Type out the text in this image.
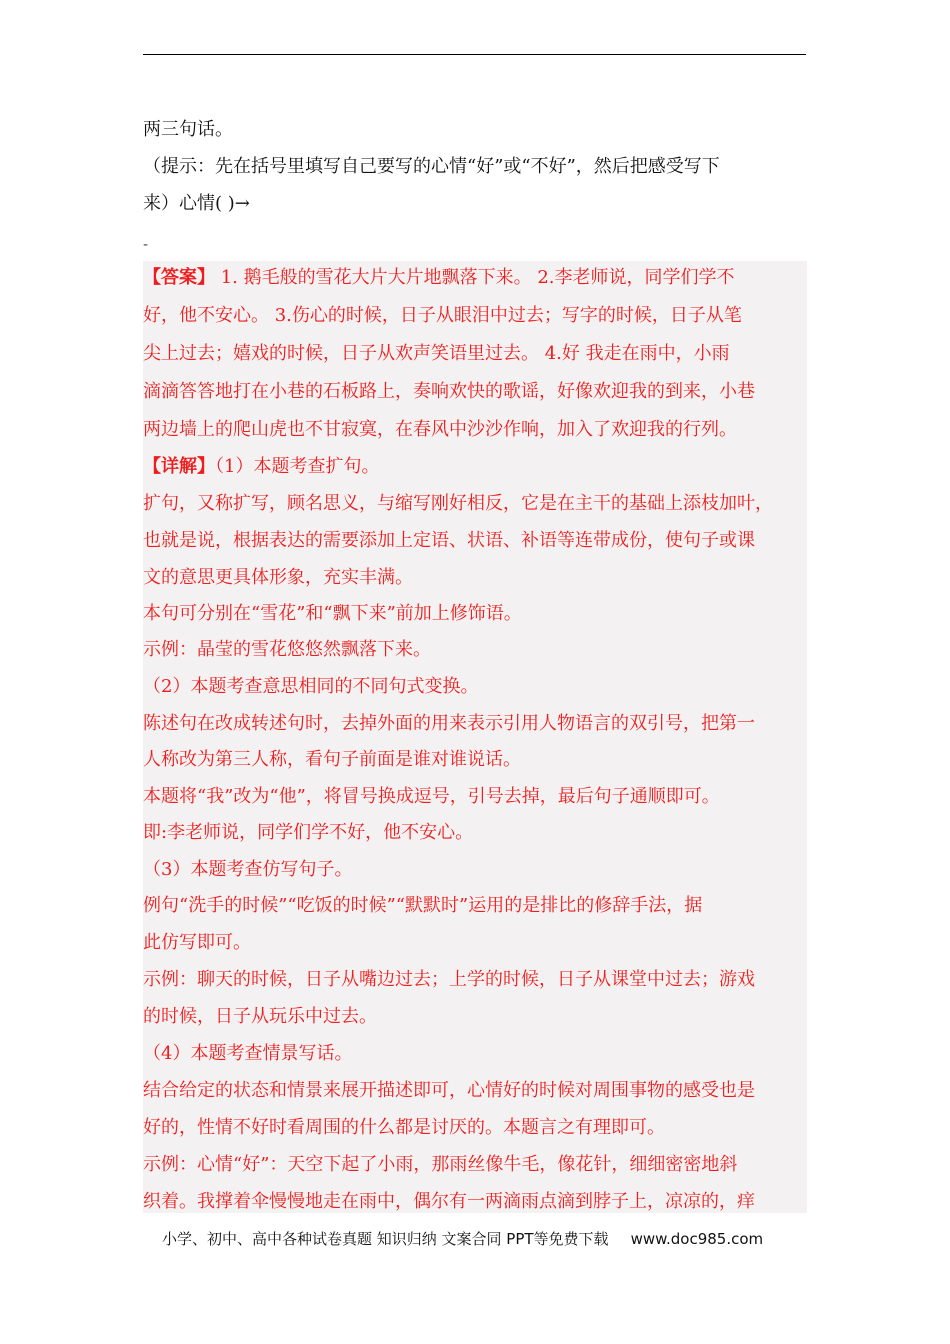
两三句话。
（提示：先在括号里填写自己要写的心情“好”或“不好”，然后把感受写下
来）心情( )→
-
【答案】 1. 鹅毛般的雪花大片大片地飘落下来。 2.李老师说，同学们学不
好，他不安心。 3.伤心的时候，日子从眼泪中过去；写字的时候，日子从笔
尖上过去；嬉戏的时候，日子从欢声笑语里过去。 4.好 我走在雨中，小雨
滴滴答答地打在小巷的石板路上，奏响欢快的歌谣，好像欢迎我的到来，小巷
两边墙上的爬山虎也不甘寂寞，在春风中沙沙作响，加入了欢迎我的行列。
【详解】（1）本题考查扩句。
扩句，又称扩写，顾名思义，与缩写刚好相反，它是在主干的基础上添枝加叶，
也就是说，根据表达的需要添加上定语、状语、补语等连带成份，使句子或课
文的意思更具体形象，充实丰满。
本句可分别在“雪花”和“飘下来”前加上修饰语。
示例：晶莹的雪花悠悠然飘落下来。
（2）本题考查意思相同的不同句式变换。
陈述句在改成转述句时，去掉外面的用来表示引用人物语言的双引号，把第一
人称改为第三人称，看句子前面是谁对谁说话。
本题将“我”改为“他”，将冒号换成逗号，引号去掉，最后句子通顺即可。
即:李老师说，同学们学不好，他不安心。
（3）本题考查仿写句子。
例句“洗手的时候”“吃饭的时候”“默默时”运用的是排比的修辞手法，据
此仿写即可。
示例：聊天的时候，日子从嘴边过去；上学的时候，日子从课堂中过去；游戏
的时候，日子从玩乐中过去。
（4）本题考查情景写话。
结合给定的状态和情景来展开描述即可，心情好的时候对周围事物的感受也是
好的，性情不好时看周围的什么都是讨厌的。本题言之有理即可。
示例：心情“好”：天空下起了小雨，那雨丝像牛毛，像花针，细细密密地斜
织着。我撑着伞慢慢地走在雨中，偶尔有一两滴雨点滴到脖子上，凉凉的，痒
小学、初中、高中各种试卷真题 知识归纳 文案合同 PPT等免费下载 www.doc985.com
